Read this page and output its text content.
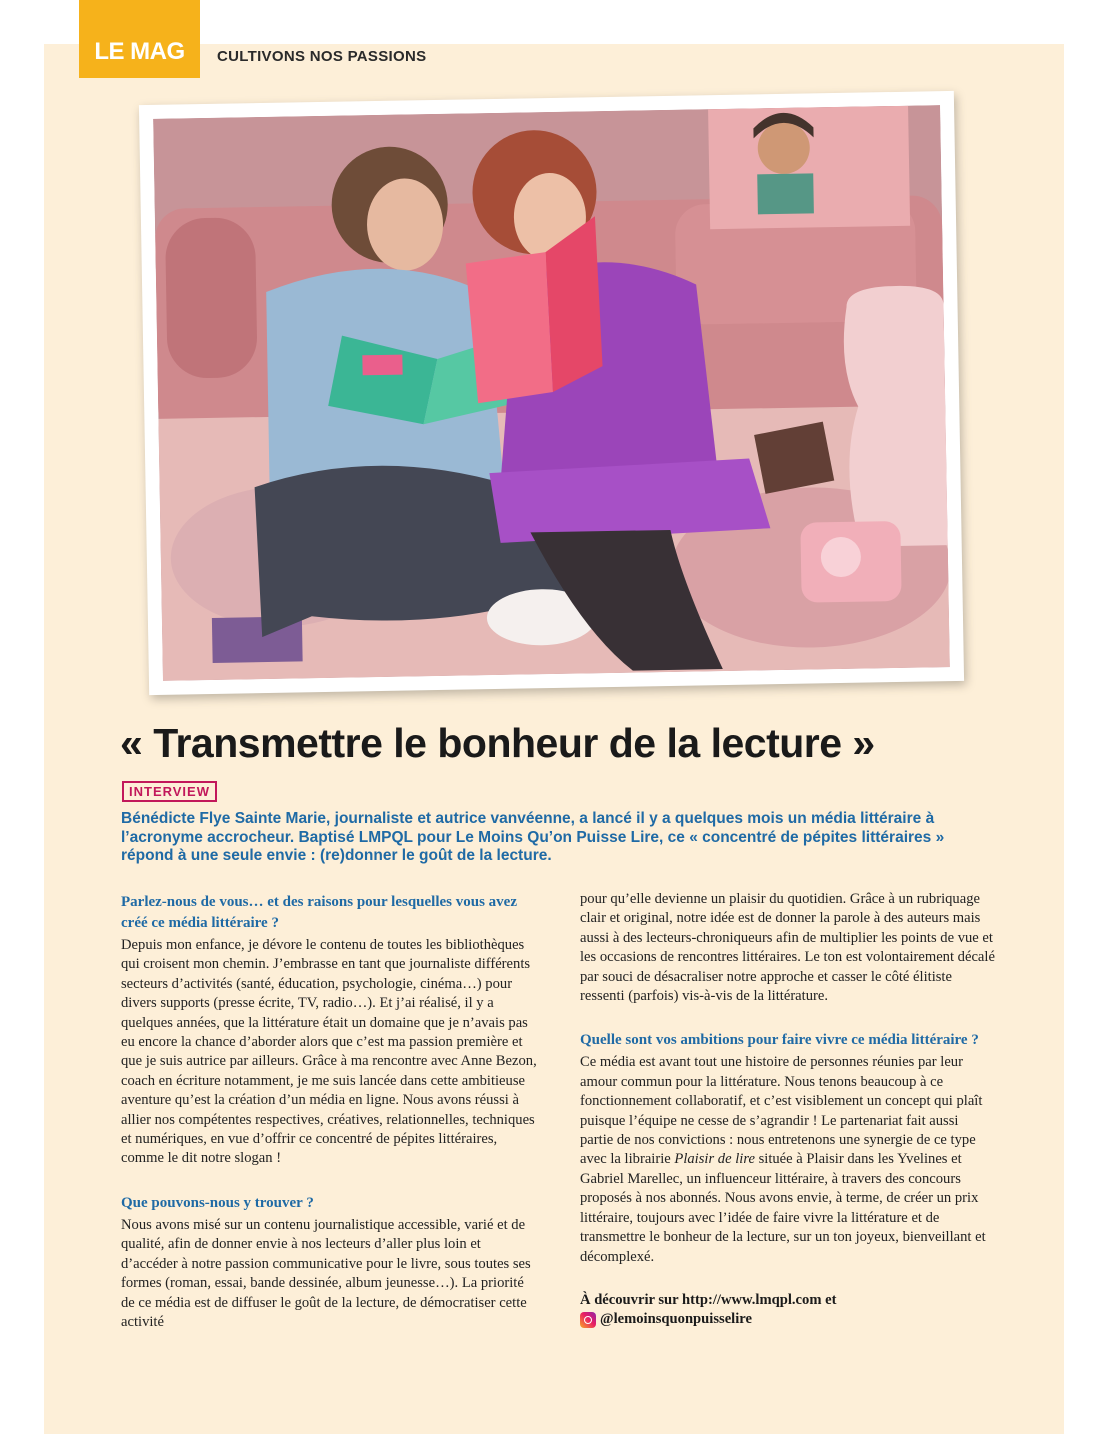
LE MAG	CULTIVONS NOS PASSIONS
« Transmettre le bonheur de la lecture »
INTERVIEW

Bénédicte Flye Sainte Marie, journaliste et autrice vanvéenne, a lancé il y a quelques mois un média littéraire à l’acronyme accrocheur. Baptisé LMPQL pour Le Moins Qu’on Puisse Lire, ce « concentré de pépites littéraires » répond à une seule envie : (re)donner le goût de la lecture.

Parlez-nous de vous… et des raisons pour lesquelles vous avez créé ce média littéraire ?

Depuis mon enfance, je dévore le contenu de toutes les bibliothèques qui croisent mon chemin. J’embrasse en tant que journaliste différents secteurs d’activités (santé, éducation, psychologie, cinéma…) pour divers supports (presse écrite, TV, radio…). Et j’ai réalisé, il y a quelques années, que la littérature était un domaine que je n’avais pas eu encore la chance d’aborder alors que c’est ma passion première et que je suis autrice par ailleurs. Grâce à ma rencontre avec Anne Bezon, coach en écriture notamment, je me suis lancée dans cette ambitieuse aventure qu’est la création d’un média en ligne. Nous avons réussi à allier nos compétentes respectives, créatives, relationnelles, techniques et numériques, en vue d’offrir ce concentré de pépites littéraires, comme le dit notre slogan !

Que pouvons-nous y trouver ?

Nous avons misé sur un contenu journalistique accessible, varié et de qualité, afin de donner envie à nos lecteurs d’aller plus loin et d’accéder à notre passion communicative pour le livre, sous toutes ses formes (roman, essai, bande dessinée, album jeunesse…). La priorité de ce média est de diffuser le goût de la lecture, de démocratiser cette activité

pour qu’elle devienne un plaisir du quotidien. Grâce à un rubriquage clair et original, notre idée est de donner la parole à des auteurs mais aussi à des lecteurs-chroniqueurs afin de multiplier les points de vue et les occasions de rencontres littéraires. Le ton est volontairement décalé par souci de désacraliser notre approche et casser le côté élitiste ressenti (parfois) vis-à-vis de la littérature.

Quelle sont vos ambitions pour faire vivre ce média littéraire ?

Ce média est avant tout une histoire de personnes réunies par leur amour commun pour la littérature. Nous tenons beaucoup à ce fonctionnement collaboratif, et c’est visiblement un concept qui plaît puisque l’équipe ne cesse de s’agrandir ! Le partenariat fait aussi partie de nos convictions : nous entretenons une synergie de ce type avec la librairie Plaisir de lire située à Plaisir dans les Yvelines et Gabriel Marellec, un influenceur littéraire, à travers des concours proposés à nos abonnés. Nous avons envie, à terme, de créer un prix littéraire, toujours avec l’idée de faire vivre la littérature et de transmettre le bonheur de la lecture, sur un ton joyeux, bienveillant et décomplexé.

À découvrir sur http://www.lmqpl.com et

@lemoinsquonpuisselire
